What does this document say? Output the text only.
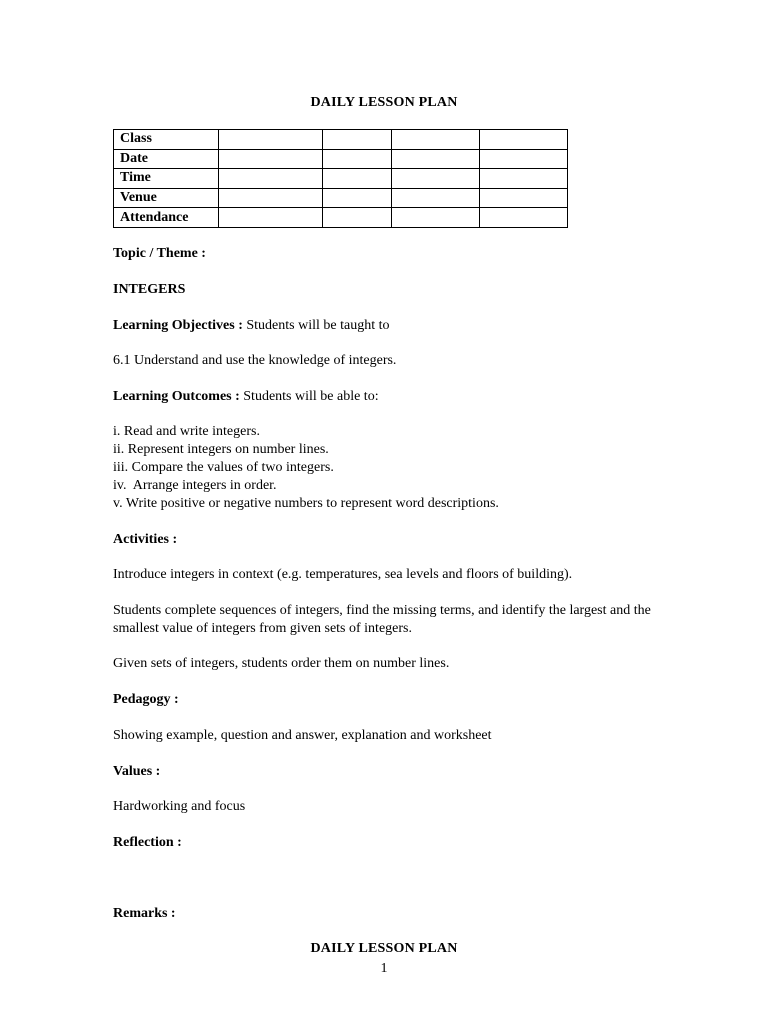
DAILY LESSON PLAN
Class				
Date				
Time				
Venue				
Attendance				
Topic / Theme :
INTEGERS
Learning Objectives : Students will be taught to
6.1 Understand and use the knowledge of integers.
Learning Outcomes : Students will be able to:
i. Read and write integers.
ii. Represent integers on number lines.
iii. Compare the values of two integers.
iv.  Arrange integers in order.
v. Write positive or negative numbers to represent word descriptions.
Activities :
Introduce integers in context (e.g. temperatures, sea levels and floors of building).
Students complete sequences of integers, find the missing terms, and identify the largest and the smallest value of integers from given sets of integers.
Given sets of integers, students order them on number lines.
Pedagogy :
Showing example, question and answer, explanation and worksheet
Values :
Hardworking and focus
Reflection :
Remarks :
DAILY LESSON PLAN
1
